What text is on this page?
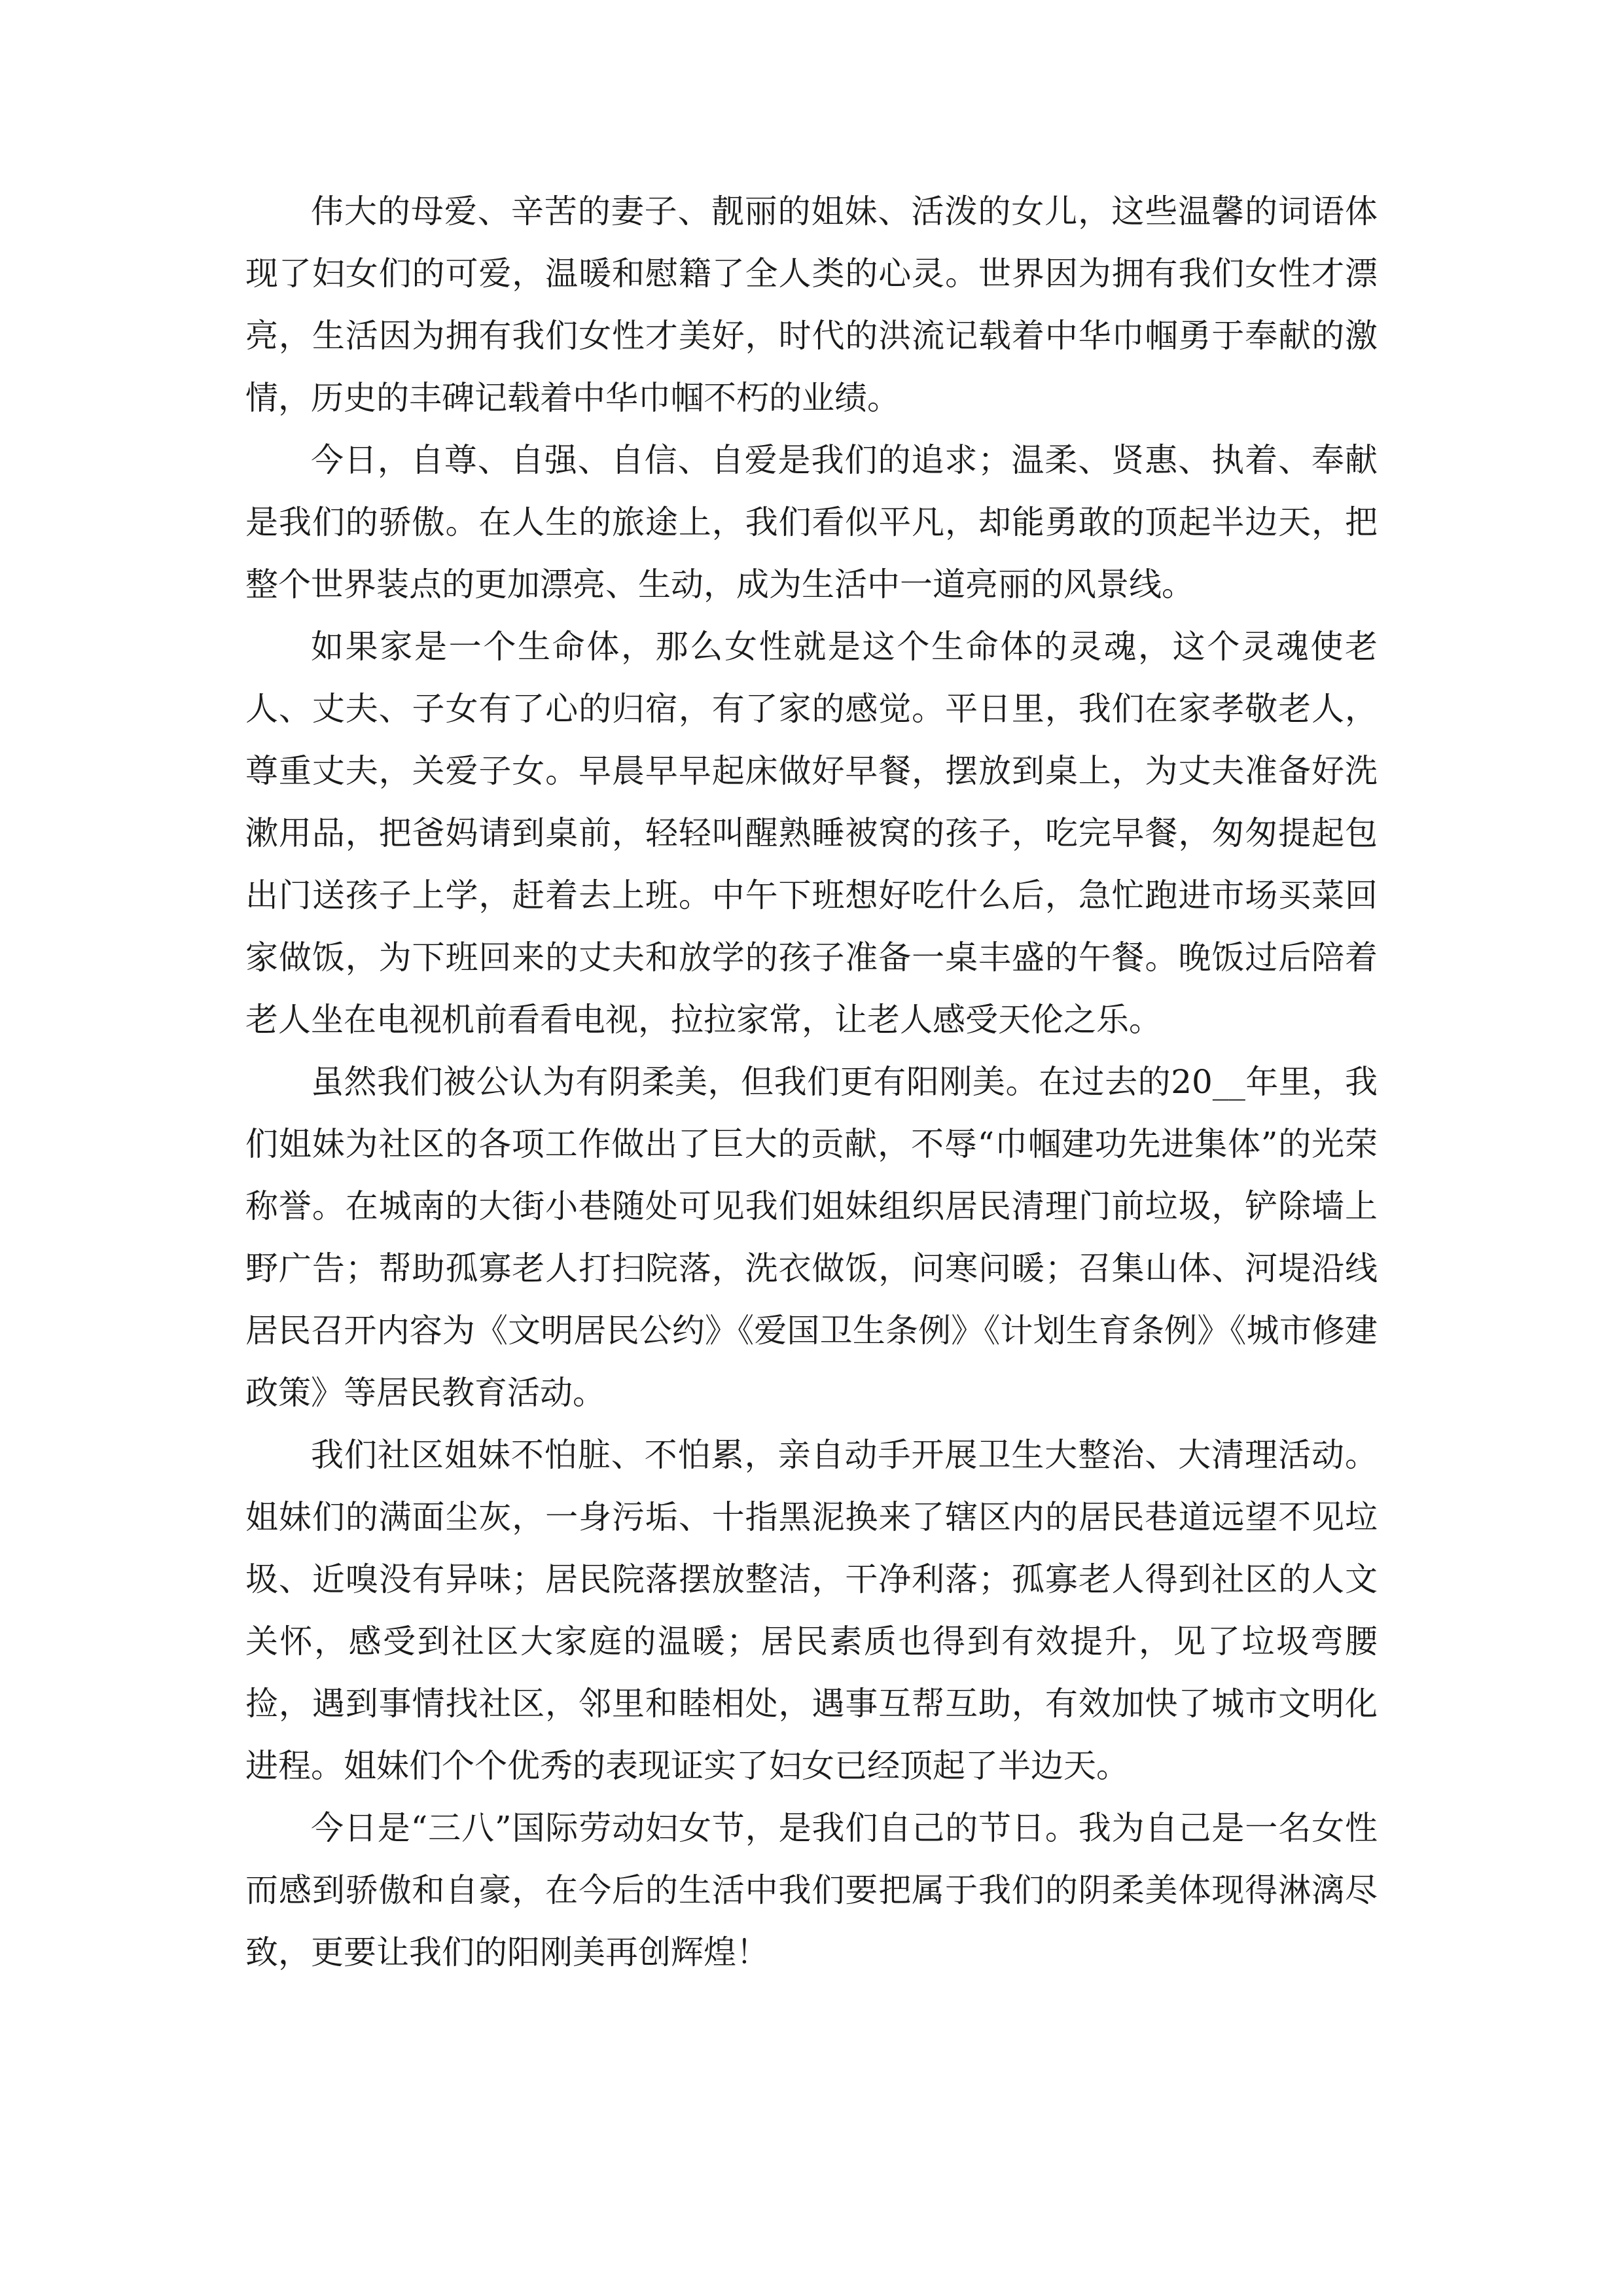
伟大的母爱、辛苦的妻子、靓丽的姐妹、活泼的女儿，这些温馨的词语体现了妇女们的可爱，温暖和慰籍了全人类的心灵。世界因为拥有我们女性才漂亮，生活因为拥有我们女性才美好，时代的洪流记载着中华巾帼勇于奉献的激情，历史的丰碑记载着中华巾帼不朽的业绩。

今日，自尊、自强、自信、自爱是我们的追求；温柔、贤惠、执着、奉献是我们的骄傲。在人生的旅途上，我们看似平凡，却能勇敢的顶起半边天，把整个世界装点的更加漂亮、生动，成为生活中一道亮丽的风景线。

如果家是一个生命体，那么女性就是这个生命体的灵魂，这个灵魂使老人、丈夫、子女有了心的归宿，有了家的感觉。平日里，我们在家孝敬老人，尊重丈夫，关爱子女。早晨早早起床做好早餐，摆放到桌上，为丈夫准备好洗漱用品，把爸妈请到桌前，轻轻叫醒熟睡被窝的孩子，吃完早餐，匆匆提起包出门送孩子上学，赶着去上班。中午下班想好吃什么后，急忙跑进市场买菜回家做饭，为下班回来的丈夫和放学的孩子准备一桌丰盛的午餐。晚饭过后陪着老人坐在电视机前看看电视，拉拉家常，让老人感受天伦之乐。

虽然我们被公认为有阴柔美，但我们更有阳刚美。在过去的20__年里，我们姐妹为社区的各项工作做出了巨大的贡献，不辱“巾帼建功先进集体”的光荣称誉。在城南的大街小巷随处可见我们姐妹组织居民清理门前垃圾，铲除墙上野广告；帮助孤寡老人打扫院落，洗衣做饭，问寒问暖；召集山体、河堤沿线居民召开内容为《文明居民公约》《爱国卫生条例》《计划生育条例》《城市修建政策》等居民教育活动。

我们社区姐妹不怕脏、不怕累，亲自动手开展卫生大整治、大清理活动。姐妹们的满面尘灰，一身污垢、十指黑泥换来了辖区内的居民巷道远望不见垃圾、近嗅没有异味；居民院落摆放整洁，干净利落；孤寡老人得到社区的人文关怀，感受到社区大家庭的温暖；居民素质也得到有效提升，见了垃圾弯腰捡，遇到事情找社区，邻里和睦相处，遇事互帮互助，有效加快了城市文明化进程。姐妹们个个优秀的表现证实了妇女已经顶起了半边天。

今日是“三八”国际劳动妇女节，是我们自己的节日。我为自己是一名女性而感到骄傲和自豪，在今后的生活中我们要把属于我们的阴柔美体现得淋漓尽致，更要让我们的阳刚美再创辉煌！
